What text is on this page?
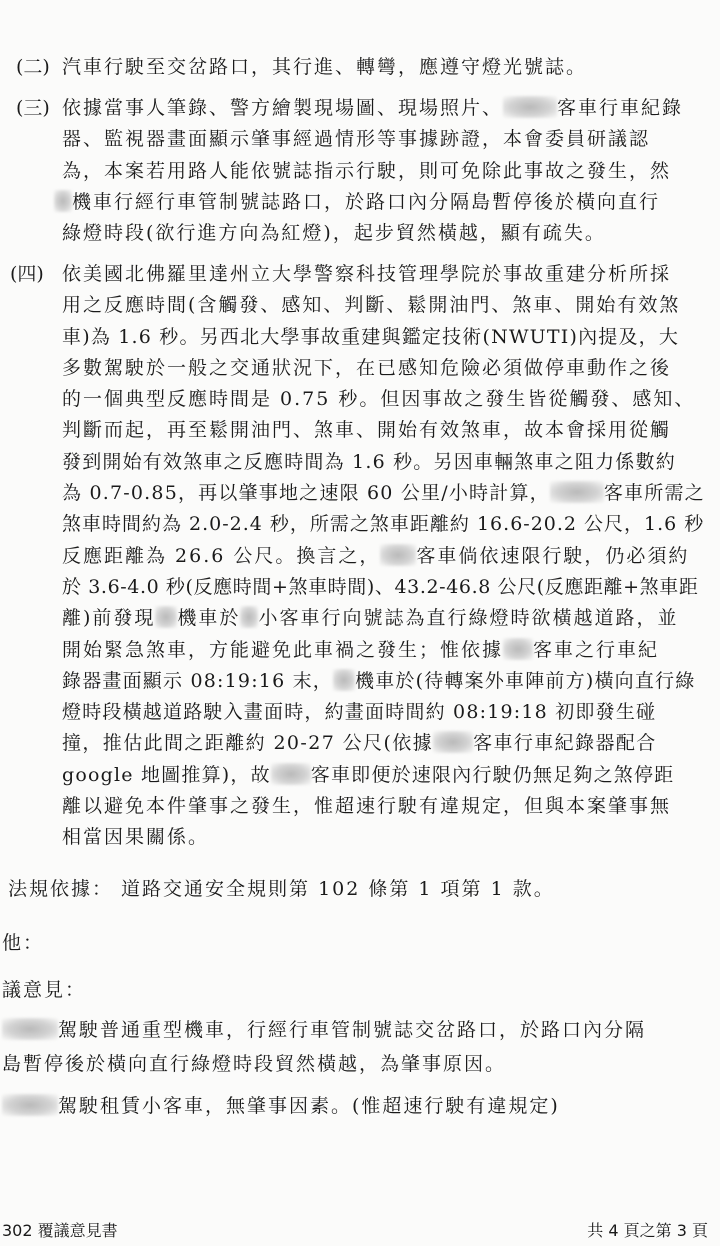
(二) 汽車行駛至交岔路口，其行進、轉彎，應遵守燈光號誌。
(三) 依據當事人筆錄、警方繪製現場圖、現場照片、	客車行車紀錄
器、監視器畫面顯示肇事經過情形等事據跡證，本會委員研議認
為，本案若用路人能依號誌指示行駛，則可免除此事故之發生，然
機車行經行車管制號誌路口，於路口內分隔島暫停後於橫向直行
綠燈時段(欲行進方向為紅燈)，起步貿然橫越，顯有疏失。
(四) 依美國北佛羅里達州立大學警察科技管理學院於事故重建分析所採
用之反應時間(含觸發、感知、判斷、鬆開油門、煞車、開始有效煞
車)為 1.6 秒。另西北大學事故重建與鑑定技術(NWUTI)內提及，大
多數駕駛於一般之交通狀況下，在已感知危險必須做停車動作之後
的一個典型反應時間是 0.75 秒。但因事故之發生皆從觸發、感知、
判斷而起，再至鬆開油門、煞車、開始有效煞車，故本會採用從觸
發到開始有效煞車之反應時間為 1.6 秒。另因車輛煞車之阻力係數約
為 0.7-0.85，再以肇事地之速限 60 公里/小時計算，	客車所需之
煞車時間約為 2.0-2.4 秒，所需之煞車距離約 16.6-20.2 公尺，1.6 秒
反應距離為 26.6 公尺。換言之， 客車倘依速限行駛，仍必須約
於 3.6-4.0 秒(反應時間+煞車時間)、43.2-46.8 公尺(反應距離+煞車距
離)前發現 機車於 小客車行向號誌為直行綠燈時欲橫越道路，並
開始緊急煞車，方能避免此車禍之發生；惟依據 客車之行車紀
錄器畫面顯示 08:19:16 末， 機車於(待轉案外車陣前方)橫向直行綠
燈時段橫越道路駛入畫面時，約畫面時間約 08:19:18 初即發生碰
撞，推估此間之距離約 20-27 公尺(依據 客車行車紀錄器配合
google 地圖推算)，故 客車即便於速限內行駛仍無足夠之煞停距
離以避免本件肇事之發生，惟超速行駛有違規定，但與本案肇事無
相當因果關係。
法規依據： 道路交通安全規則第 102 條第 1 項第 1 款。
他：
議意見：
駕駛普通重型機車，行經行車管制號誌交岔路口，於路口內分隔
島暫停後於橫向直行綠燈時段貿然橫越，為肇事原因。
駕駛租賃小客車，無肇事因素。(惟超速行駛有違規定)
302 覆議意見書	共 4 頁之第 3 頁
